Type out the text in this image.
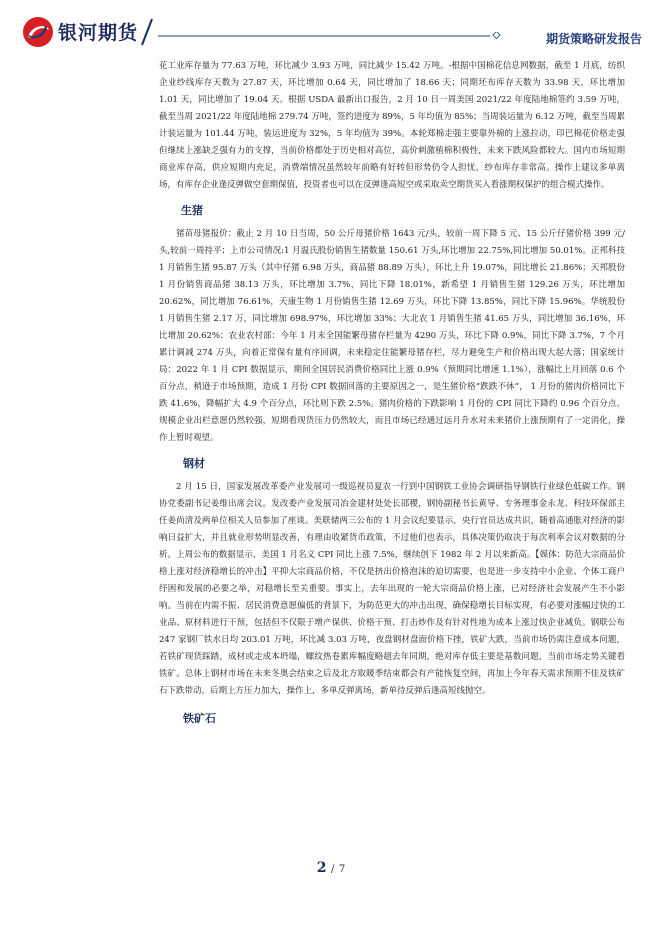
银河期货	期货策略研发报告

花工业库存量为 77.63 万吨，环比减少 3.93 万吨，同比减少 15.42 万吨。-根据中国棉花信息网数据，截至 1 月底，纺织企业纱线库存天数为 27.87 天，环比增加 0.64 天，同比增加了 18.66 天；同期坯布库存天数为 33.98 天，环比增加 1.01 天，同比增加了 19.04 天。根据 USDA 最新出口报告，2 月 10 日一周美国 2021/22 年度陆地棉签约 3.59 万吨，截至当周 2021/22 年度陆地棉 279.74 万吨，签约进度为 89%，5 年均值为 85%；当周装运量为 6.12 万吨，截至当周累计装运量为 101.44 万吨，装运进度为 32%，5 年均值为 39%。本轮郑棉走强主要靠外棉的上涨拉动，印巴棉花价格走强但继续上涨缺乏强有力的支撑，当前价格都处于历史相对高位，高价刺激植棉积极性，未来下跌风险都较大。国内市场短期商业库存高，供应短期内充足，消费端情况虽然较年前略有好转但形势仍令人担忧，纱布库存非常高。操作上建议多单离场，有库存企业逢反弹做空套期保值，投资者也可以在反弹逢高短空或采取卖空期货买入看涨期权保护的组合模式操作。

生猪

猪苗母猪报价：截止 2 月 10 日当周，50 公斤母猪价格 1643 元/头，较前一周下降 5 元、15 公斤仔猪价格 399 元/头,较前一周持平；上市公司情况:1 月温氏股份销售生猪数量 150.61 万头,环比增加 22.75%,同比增加 50.01%。正邦科技 1 月销售生猪 95.87 万头（其中仔猪 6.98 万头，商品猪 88.89 万头），环比上升 19.07%，同比增长 21.86%；天邦股份 1 月份销售商品猪 38.13 万头，环比增加 3.7%，同比下降 18.01%，新希望 1 月销售生猪 129.26 万头，环比增加 20.62%，同比增加 76.61%，天康生物 1 月份销售生猪 12.69 万头，环比下降 13.85%，同比下降 15.96%。华统股份 1 月销售生猪 2.17 万，同比增加 698.97%，环比增加 33%；大北农 1 月销售生猪 41.65 万头，同比增加 36.16%，环比增加 20.62%；农业农村部：今年 1 月末全国能繁母猪存栏量为 4290 万头，环比下降 0.9%，同比下降 3.7%，7 个月累计调减 274 万头，向着正常保有量有序回调，未来稳定住能繁母猪存栏，尽力避免生产和价格出现大起大落；国家统计局：2022 年 1 月 CPI 数据显示，期间全国居民消费价格同比上涨 0.9%（预期同比增速 1.1%），涨幅比上月回落 0.6 个百分点，稍逊于市场预期，造成 1 月份 CPI 数据回落的主要原因之一，是生猪价格“跌跌不休”， 1 月份的猪肉价格同比下跌 41.6%，降幅扩大 4.9 个百分点，环比则下跌 2.5%。猪肉价格的下跌影响 1 月份的 CPI 同比下降约 0.96 个百分点。规模企业出栏意愿仍然较强，短期看现货压力仍然较大，而且市场已经通过远月升水对未来猪价上涨预期有了一定消化，操作上暂时观望。

钢材

2 月 15 日，国家发展改革委产业发展司一级巡视员夏农一行到中国钢铁工业协会调研指导钢铁行业绿色低碳工作。钢协党委副书记姜维出席会议。发改委产业发展司冶金建材处处长邵稷，钢协副秘书长黄导、专务理事金永龙、科技环保部主任姜尚清及两单位相关人员参加了座谈。美联储两三公布的 1 月会议纪要显示，央行官员达成共识，随着高通胀对经济的影响日益扩大，并且就业形势明显改善，有理由收紧货币政策，不过他们也表示，具体决策仍取决于每次利率会议对数据的分析。上周公布的数据显示，美国 1 月名义 CPI 同比上涨 7.5%，继续创下 1982 年 2 月以来新高。【媒体：防范大宗商品价格上涨对经济稳增长的冲击】平抑大宗商品价格，不仅是挤出价格泡沫的迫切需要，也是进一步支持中小企业、个体工商户纾困和发展的必要之举，对稳增长至关重要。事实上，去年出现的一轮大宗商品价格上涨，已对经济社会发展产生不小影响。当前在内需不振、居民消费意愿偏低的背景下，为防范更大的冲击出现，确保稳增长目标实现，有必要对涨幅过快的工业品、原材料进行干预，包括但不仅限于增产保供、价格干预、打击炒作及有针对性地为成本上涨过快企业减负。钢联公布 247 家钢厂铁水日均 203.01 万吨，环比减 3.03 万吨，夜盘钢材盘面价格下挫，铁矿大跌，当前市场仍需注意成本问题，若铁矿现货踩踏，成材或走成本坍塌，螺纹热卷累库幅度略超去年同期，绝对库存低主要是基数问题，当前市场走势关键看铁矿。总体上钢材市场在未来冬奥会结束之后及北方取暖季结束都会有产能恢复空间，再加上今年春天需求预期不佳及铁矿石下跌带动，后期上方压力加大，操作上，多单反弹离场，新单待反弹后逢高短线抛空。

铁矿石
2 / 7
